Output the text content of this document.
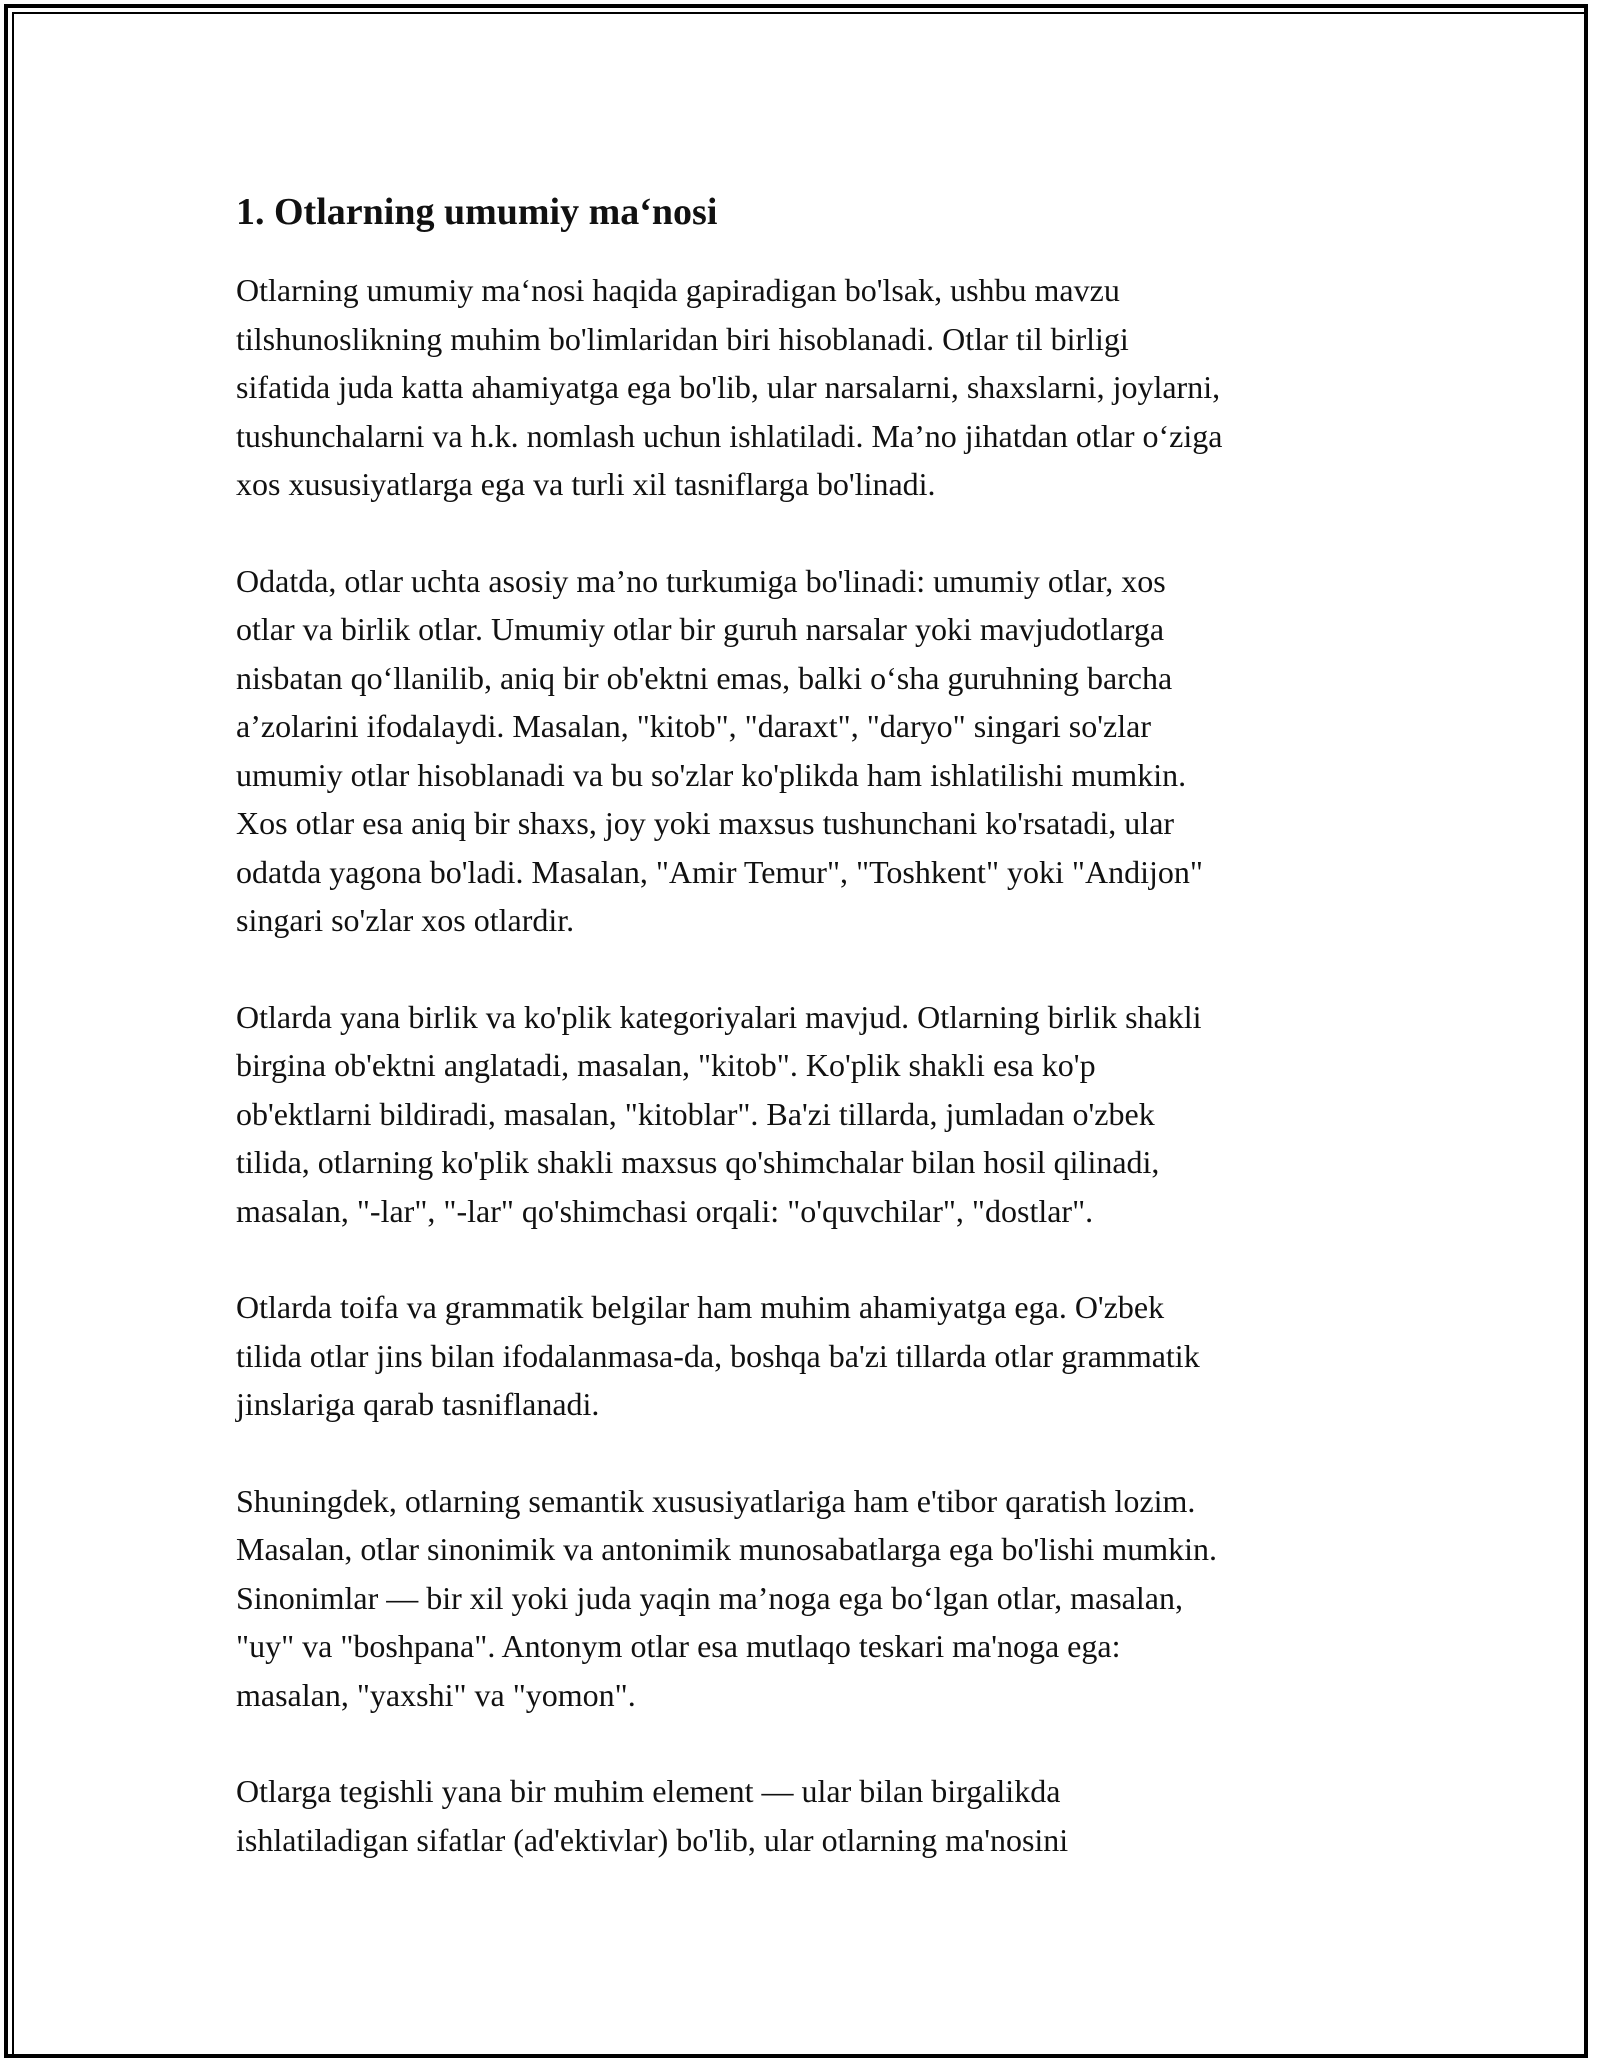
1. Otlarning umumiy ma‘nosi

Otlarning umumiy ma‘nosi haqida gapiradigan bo'lsak, ushbu mavzu
tilshunoslikning muhim bo'limlaridan biri hisoblanadi. Otlar til birligi
sifatida juda katta ahamiyatga ega bo'lib, ular narsalarni, shaxslarni, joylarni,
tushunchalarni va h.k. nomlash uchun ishlatiladi. Ma’no jihatdan otlar o‘ziga
xos xususiyatlarga ega va turli xil tasniflarga bo'linadi.

Odatda, otlar uchta asosiy ma’no turkumiga bo'linadi: umumiy otlar, xos
otlar va birlik otlar. Umumiy otlar bir guruh narsalar yoki mavjudotlarga
nisbatan qo‘llanilib, aniq bir ob'ektni emas, balki o‘sha guruhning barcha
a’zolarini ifodalaydi. Masalan, "kitob", "daraxt", "daryo" singari so'zlar
umumiy otlar hisoblanadi va bu so'zlar ko'plikda ham ishlatilishi mumkin.
Xos otlar esa aniq bir shaxs, joy yoki maxsus tushunchani ko'rsatadi, ular
odatda yagona bo'ladi. Masalan, "Amir Temur", "Toshkent" yoki "Andijon"
singari so'zlar xos otlardir.

Otlarda yana birlik va ko'plik kategoriyalari mavjud. Otlarning birlik shakli
birgina ob'ektni anglatadi, masalan, "kitob". Ko'plik shakli esa ko'p
ob'ektlarni bildiradi, masalan, "kitoblar". Ba'zi tillarda, jumladan o'zbek
tilida, otlarning ko'plik shakli maxsus qo'shimchalar bilan hosil qilinadi,
masalan, "-lar", "-lar" qo'shimchasi orqali: "o'quvchilar", "dostlar".

Otlarda toifa va grammatik belgilar ham muhim ahamiyatga ega. O'zbek
tilida otlar jins bilan ifodalanmasa-da, boshqa ba'zi tillarda otlar grammatik
jinslariga qarab tasniflanadi.

Shuningdek, otlarning semantik xususiyatlariga ham e'tibor qaratish lozim.
Masalan, otlar sinonimik va antonimik munosabatlarga ega bo'lishi mumkin.
Sinonimlar — bir xil yoki juda yaqin ma’noga ega bo‘lgan otlar, masalan,
"uy" va "boshpana". Antonym otlar esa mutlaqo teskari ma'noga ega:
masalan, "yaxshi" va "yomon".

Otlarga tegishli yana bir muhim element — ular bilan birgalikda
ishlatiladigan sifatlar (ad'ektivlar) bo'lib, ular otlarning ma'nosini
